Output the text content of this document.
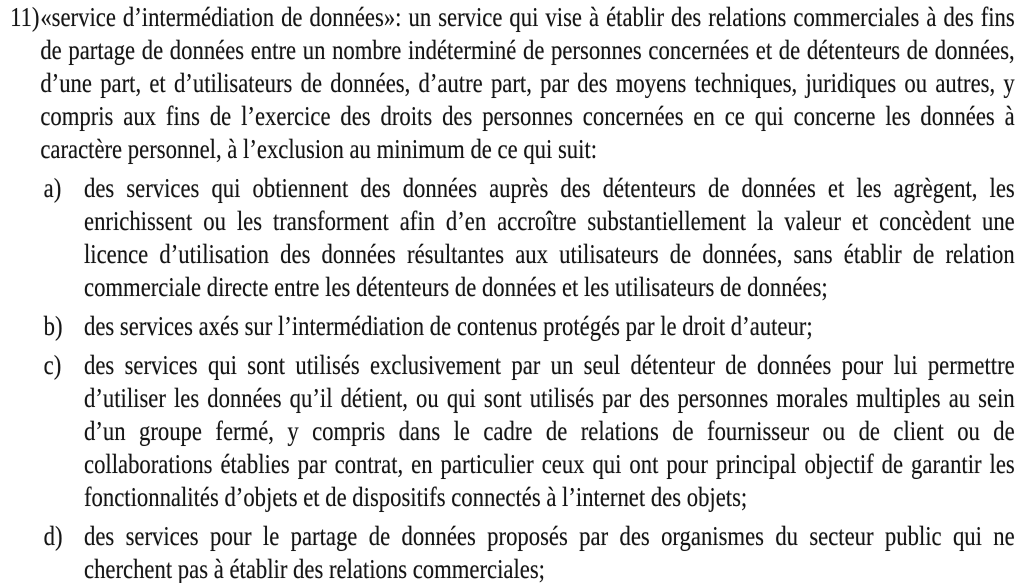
11) «service d’intermédiation de données»: un service qui vise à établir des relations commerciales à des fins
de partage de données entre un nombre indéterminé de personnes concernées et de détenteurs de données,
d’une part, et d’utilisateurs de données, d’autre part, par des moyens techniques, juridiques ou autres, y
compris aux fins de l’exercice des droits des personnes concernées en ce qui concerne les données à
caractère personnel, à l’exclusion au minimum de ce qui suit:
a) des services qui obtiennent des données auprès des détenteurs de données et les agrègent, les
enrichissent ou les transforment afin d’en accroître substantiellement la valeur et concèdent une
licence d’utilisation des données résultantes aux utilisateurs de données, sans établir de relation
commerciale directe entre les détenteurs de données et les utilisateurs de données;
b) des services axés sur l’intermédiation de contenus protégés par le droit d’auteur;
c) des services qui sont utilisés exclusivement par un seul détenteur de données pour lui permettre
d’utiliser les données qu’il détient, ou qui sont utilisés par des personnes morales multiples au sein
d’un groupe fermé, y compris dans le cadre de relations de fournisseur ou de client ou de
collaborations établies par contrat, en particulier ceux qui ont pour principal objectif de garantir les
fonctionnalités d’objets et de dispositifs connectés à l’internet des objets;
d) des services pour le partage de données proposés par des organismes du secteur public qui ne
cherchent pas à établir des relations commerciales;
